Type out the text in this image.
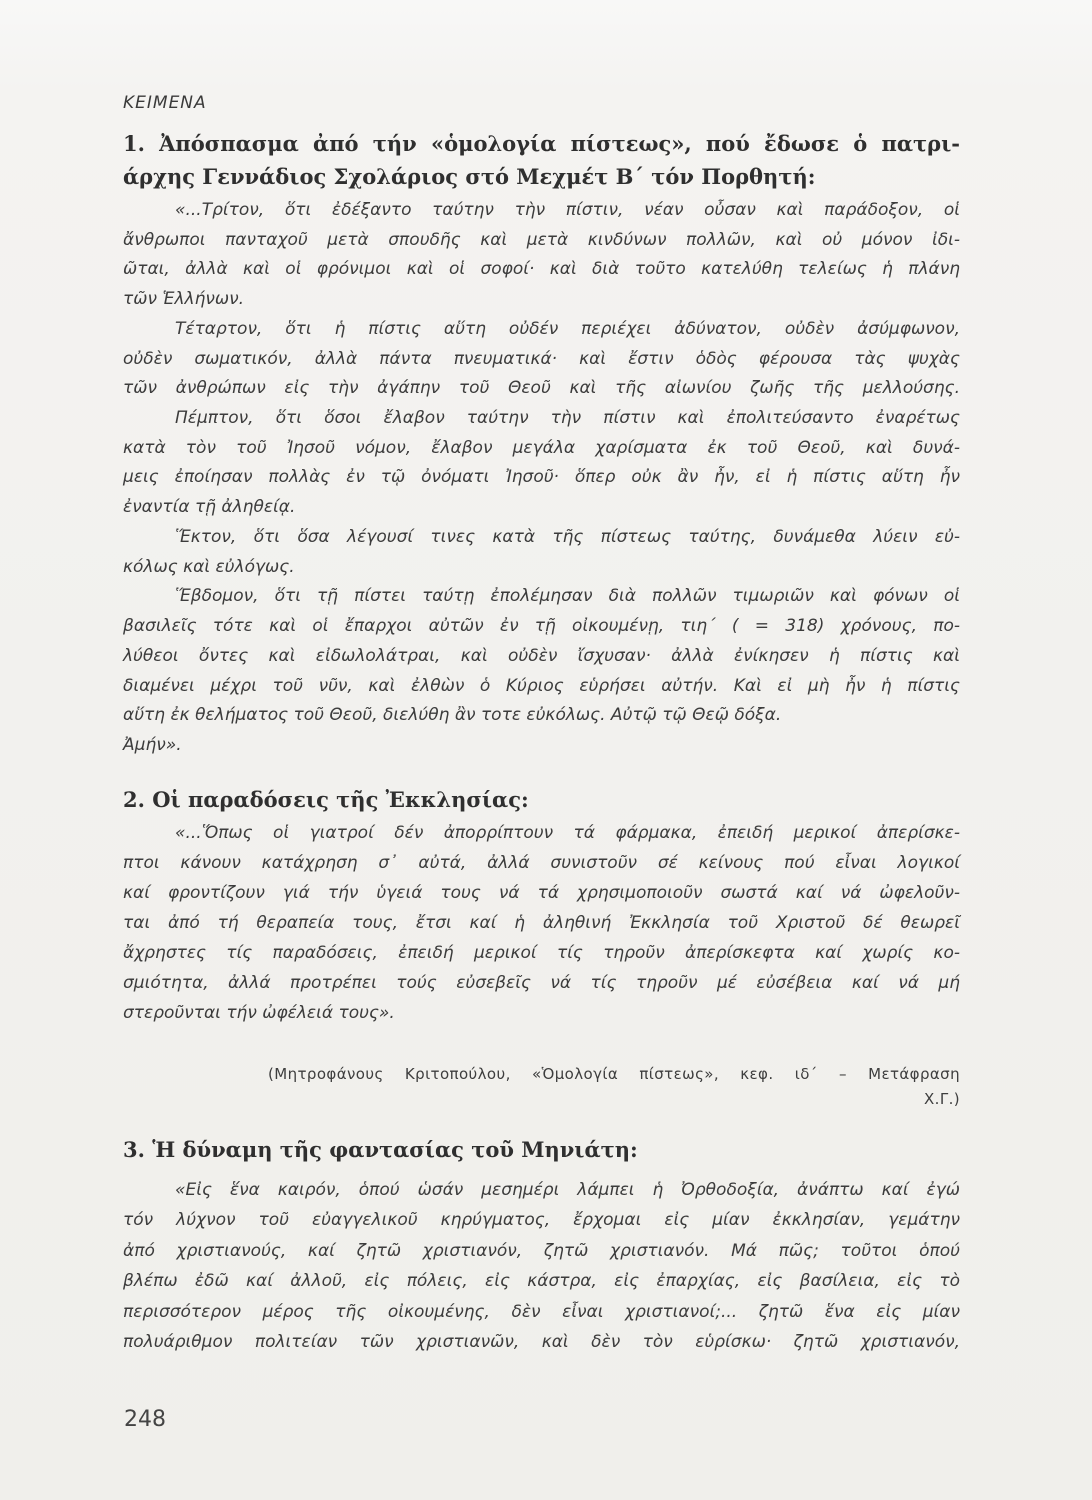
ΚΕΙΜΕΝΑ
1. Ἀπόσπασμα ἀπό τήν «ὁμολογία πίστεως», πού ἔδωσε ὁ πατρι-
άρχης Γεννάδιος Σχολάριος στό Μεχμέτ Β΄ τόν Πορθητή:
«...Τρίτον, ὅτι ἐδέξαντο ταύτην τὴν πίστιν, νέαν οὖσαν καὶ παράδοξον, οἱ
ἄνθρωποι πανταχοῦ μετὰ σπουδῆς καὶ μετὰ κινδύνων πολλῶν, καὶ οὐ μόνον ἰδι-
ῶται, ἀλλὰ καὶ οἱ φρόνιμοι καὶ οἱ σοφοί· καὶ διὰ τοῦτο κατελύθη τελείως ἡ πλάνη
τῶν Ἑλλήνων.
Τέταρτον, ὅτι ἡ πίστις αὕτη οὐδέν περιέχει ἀδύνατον, οὐδὲν ἀσύμφωνον,
οὐδὲν σωματικόν, ἀλλὰ πάντα πνευματικά· καὶ ἔστιν ὁδὸς φέρουσα τὰς ψυχὰς
τῶν ἀνθρώπων εἰς τὴν ἀγάπην τοῦ Θεοῦ καὶ τῆς αἰωνίου ζωῆς τῆς μελλούσης.
Πέμπτον, ὅτι ὅσοι ἔλαβον ταύτην τὴν πίστιν καὶ ἐπολιτεύσαντο ἐναρέτως
κατὰ τὸν τοῦ Ἰησοῦ νόμον, ἔλαβον μεγάλα χαρίσματα ἐκ τοῦ Θεοῦ, καὶ δυνά-
μεις ἐποίησαν πολλὰς ἐν τῷ ὀνόματι Ἰησοῦ· ὅπερ οὐκ ἂν ἦν, εἰ ἡ πίστις αὕτη ἦν
ἐναντία τῇ ἀληθείᾳ.
Ἕκτον, ὅτι ὅσα λέγουσί τινες κατὰ τῆς πίστεως ταύτης, δυνάμεθα λύειν εὐ-
κόλως καὶ εὐλόγως.
Ἕβδομον, ὅτι τῇ πίστει ταύτῃ ἐπολέμησαν διὰ πολλῶν τιμωριῶν καὶ φόνων οἱ
βασιλεῖς τότε καὶ οἱ ἔπαρχοι αὐτῶν ἐν τῇ οἰκουμένῃ, τιη΄ ( = 318) χρόνους, πο-
λύθεοι ὄντες καὶ εἰδωλολάτραι, καὶ οὐδὲν ἴσχυσαν· ἀλλὰ ἐνίκησεν ἡ πίστις καὶ
διαμένει μέχρι τοῦ νῦν, καὶ ἐλθὼν ὁ Κύριος εὑρήσει αὐτήν. Καὶ εἰ μὴ ἦν ἡ πίστις
αὕτη ἐκ θελήματος τοῦ Θεοῦ, διελύθη ἂν τοτε εὐκόλως. Αὐτῷ τῷ Θεῷ δόξα.
Ἀμήν».
2. Οἱ παραδόσεις τῆς Ἐκκλησίας:
«...Ὅπως οἱ γιατροί δέν ἀπορρίπτουν τά φάρμακα, ἐπειδή μερικοί ἀπερίσκε-
πτοι κάνουν κατάχρηση σ᾿ αὐτά, ἀλλά συνιστοῦν σέ κείνους πού εἶναι λογικοί
καί φροντίζουν γιά τήν ὑγειά τους νά τά χρησιμοποιοῦν σωστά καί νά ὠφελοῦν-
ται ἀπό τή θεραπεία τους, ἔτσι καί ἡ ἀληθινή Ἐκκλησία τοῦ Χριστοῦ δέ θεωρεῖ
ἄχρηστες τίς παραδόσεις, ἐπειδή μερικοί τίς τηροῦν ἀπερίσκεφτα καί χωρίς κο-
σμιότητα, ἀλλά προτρέπει τούς εὐσεβεῖς νά τίς τηροῦν μέ εὐσέβεια καί νά μή
στεροῦνται τήν ὠφέλειά τους».
(Μητροφάνους Κριτοπούλου, «Ὁμολογία πίστεως», κεφ. ιδ΄ – Μετάφραση
Χ.Γ.)
3. Ἡ δύναμη τῆς φαντασίας τοῦ Μηνιάτη:
«Εἰς ἕνα καιρόν, ὁπού ὡσάν μεσημέρι λάμπει ἡ Ὀρθοδοξία, ἀνάπτω καί ἐγώ
τόν λύχνον τοῦ εὐαγγελικοῦ κηρύγματος, ἔρχομαι εἰς μίαν ἐκκλησίαν, γεμάτην
ἀπό χριστιανούς, καί ζητῶ χριστιανόν, ζητῶ χριστιανόν. Μά πῶς; τοῦτοι ὁπού
βλέπω ἐδῶ καί ἀλλοῦ, εἰς πόλεις, εἰς κάστρα, εἰς ἐπαρχίας, εἰς βασίλεια, εἰς τὸ
περισσότερον μέρος τῆς οἰκουμένης, δὲν εἶναι χριστιανοί;... ζητῶ ἕνα εἰς μίαν
πολυάριθμον πολιτείαν τῶν χριστιανῶν, καὶ δὲν τὸν εὑρίσκω· ζητῶ χριστιανόν,
248
